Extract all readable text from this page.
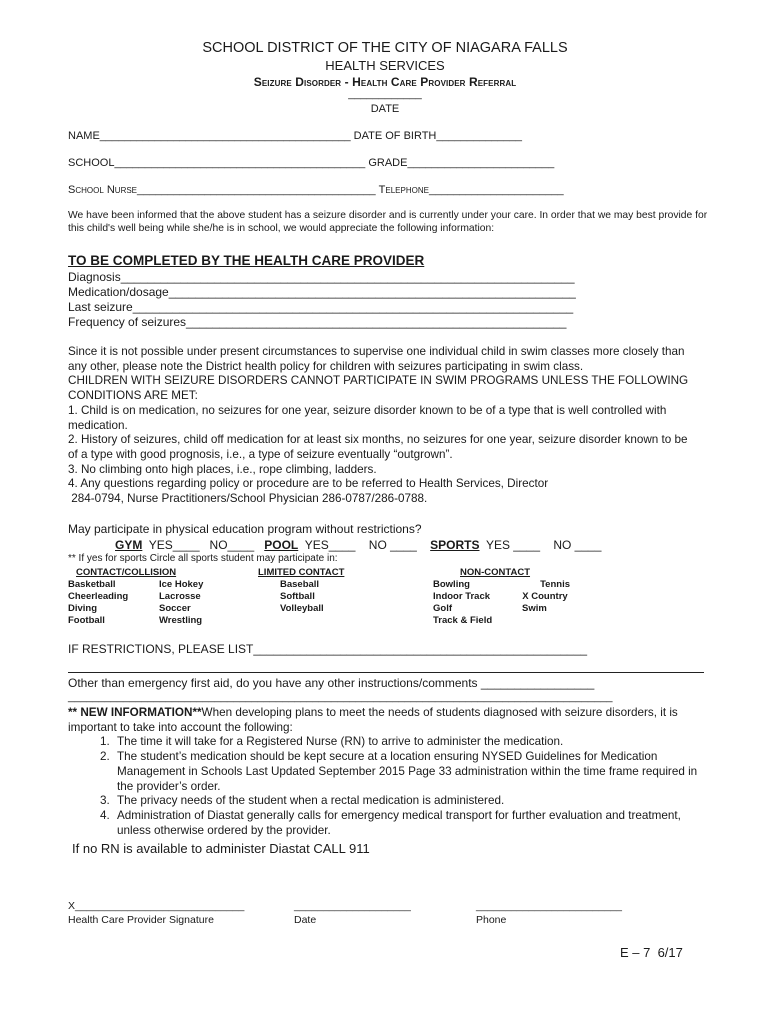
SCHOOL DISTRICT OF THE CITY OF NIAGARA FALLS
HEALTH SERVICES
Seizure Disorder - Health Care Provider Referral
____________
DATE
NAME_________________________________________ DATE OF BIRTH______________
SCHOOL_________________________________________ GRADE________________________
School Nurse_______________________________________ Telephone______________________
We have been informed that the above student has a seizure disorder and is currently under your care. In order that we may best provide for this child's well being while she/he is in school, we would appreciate the following information:
TO BE COMPLETED BY THE HEALTH CARE PROVIDER
Diagnosis____________________________________________________________________
Medication/dosage_____________________________________________________________
Last seizure__________________________________________________________________
Frequency of seizures_________________________________________________________
Since it is not possible under present circumstances to supervise one individual child in swim classes more closely than any other, please note the District health policy for children with seizures participating in swim class.
CHILDREN WITH SEIZURE DISORDERS CANNOT PARTICIPATE IN SWIM PROGRAMS UNLESS THE FOLLOWING CONDITIONS ARE MET:
1. Child is on medication, no seizures for one year, seizure disorder known to be of a type that is well controlled with medication.
2. History of seizures, child off medication for at least six months, no seizures for one year, seizure disorder known to be of a type with good prognosis, i.e., a type of seizure eventually “outgrown”.
3. No climbing onto high places, i.e., rope climbing, ladders.
4. Any questions regarding policy or procedure are to be referred to Health Services, Director
284-0794, Nurse Practitioners/School Physician 286-0787/286-0788.
May participate in physical education program without restrictions?
GYM YES____ NO____ POOL YES____ NO ____ SPORTS YES ____ NO ____
** If yes for sports Circle all sports student may participate in:
CONTACT/COLLISION
Basketball
Cheerleading
Diving
Football
Ice Hokey
Lacrosse
Soccer
Wrestling
LIMITED CONTACT
Baseball
Softball
Volleyball
NON-CONTACT
Bowling
Indoor Track
Golf
Track & Field
Tennis
X Country
Swim
IF RESTRICTIONS, PLEASE LIST__________________________________________________
Other than emergency first aid, do you have any other instructions/comments _________________
_________________________________________________________________________________________
** NEW INFORMATION**When developing plans to meet the needs of students diagnosed with seizure disorders, it is important to take into account the following:
1. The time it will take for a Registered Nurse (RN) to arrive to administer the medication.
2. The student’s medication should be kept secure at a location ensuring NYSED Guidelines for Medication Management in Schools Last Updated September 2015 Page 33 administration within the time frame required in the provider’s order.
3. The privacy needs of the student when a rectal medication is administered.
4. Administration of Diastat generally calls for emergency medical transport for further evaluation and treatment, unless otherwise ordered by the provider.
If no RN is available to administer Diastat CALL 911
X_____________________________
Health Care Provider Signature
____________________
Date
_________________________
Phone
E – 7  6/17
